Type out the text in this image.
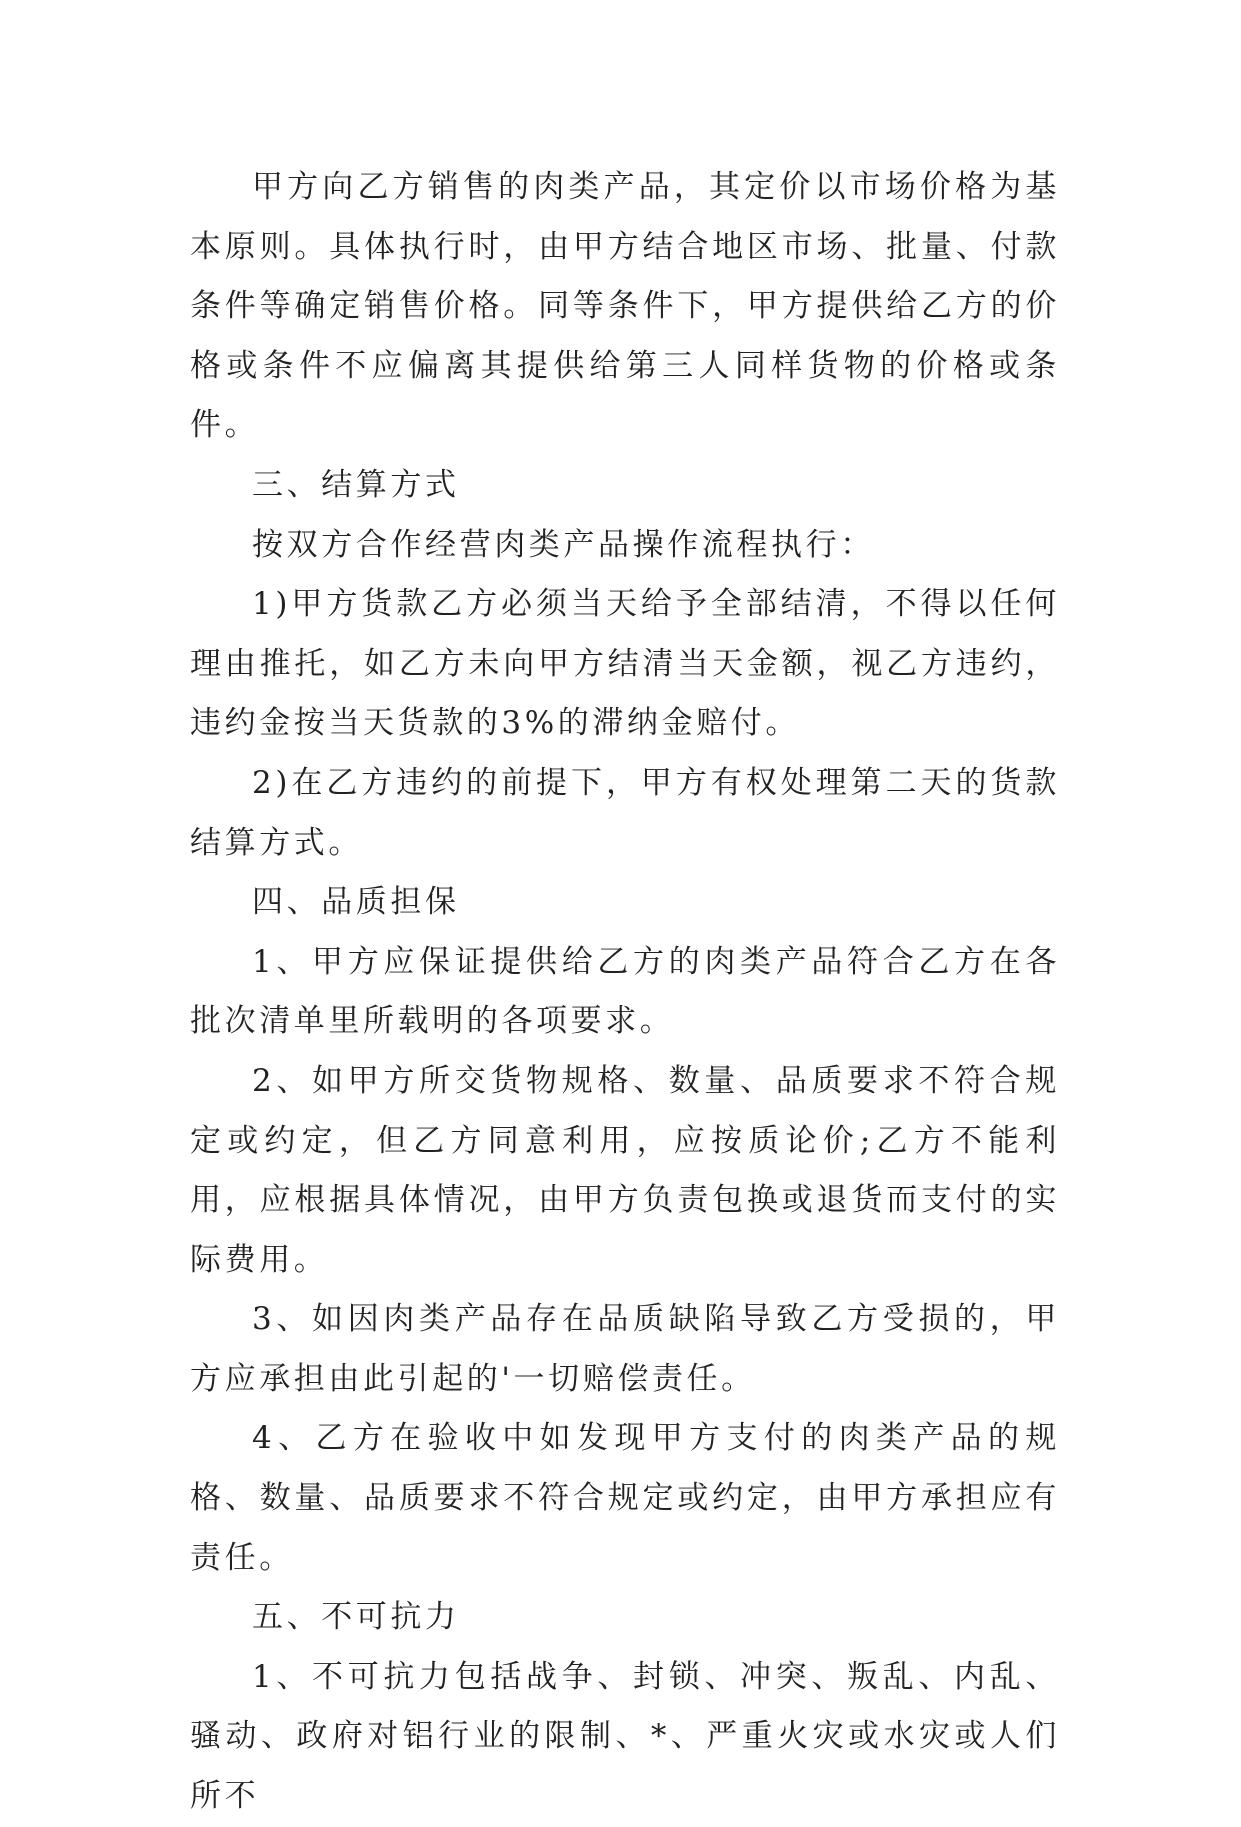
甲方向乙方销售的肉类产品，其定价以市场价格为基本原则。具体执行时，由甲方结合地区市场、批量、付款条件等确定销售价格。同等条件下，甲方提供给乙方的价格或条件不应偏离其提供给第三人同样货物的价格或条件。

三、结算方式

按双方合作经营肉类产品操作流程执行：

1)甲方货款乙方必须当天给予全部结清，不得以任何理由推托，如乙方未向甲方结清当天金额，视乙方违约，违约金按当天货款的3%的滞纳金赔付。

2)在乙方违约的前提下，甲方有权处理第二天的货款结算方式。

四、品质担保

1、甲方应保证提供给乙方的肉类产品符合乙方在各批次清单里所载明的各项要求。

2、如甲方所交货物规格、数量、品质要求不符合规定或约定，但乙方同意利用，应按质论价;乙方不能利用，应根据具体情况，由甲方负责包换或退货而支付的实际费用。

3、如因肉类产品存在品质缺陷导致乙方受损的，甲方应承担由此引起的'一切赔偿责任。

4、乙方在验收中如发现甲方支付的肉类产品的规格、数量、品质要求不符合规定或约定，由甲方承担应有责任。

五、不可抗力

1、不可抗力包括战争、封锁、冲突、叛乱、内乱、骚动、政府对铝行业的限制、*、严重火灾或水灾或人们所不
